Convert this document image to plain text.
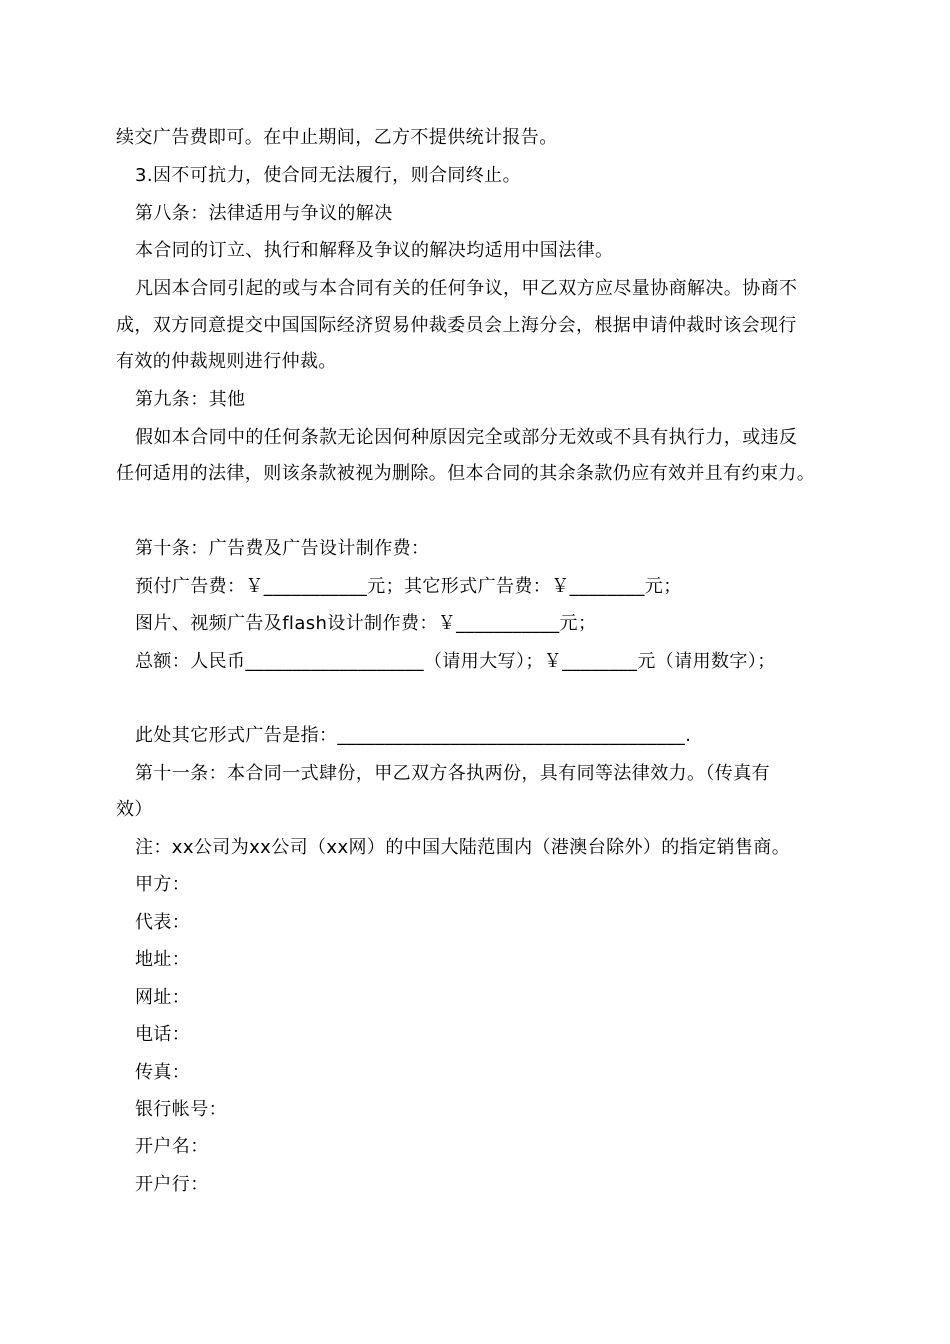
续交广告费即可。在中止期间，乙方不提供统计报告。
3.因不可抗力，使合同无法履行，则合同终止。
第八条：法律适用与争议的解决
本合同的订立、执行和解释及争议的解决均适用中国法律。
凡因本合同引起的或与本合同有关的任何争议，甲乙双方应尽量协商解决。协商不
成，双方同意提交中国国际经济贸易仲裁委员会上海分会，根据申请仲裁时该会现行
有效的仲裁规则进行仲裁。
第九条：其他
假如本合同中的任何条款无论因何种原因完全或部分无效或不具有执行力，或违反
任何适用的法律，则该条款被视为删除。但本合同的其余条款仍应有效并且有约束力。
第十条：广告费及广告设计制作费：
预付广告费：￥___________元；其它形式广告费：￥________元；
图片、视频广告及flash设计制作费：￥___________元；
总额：人民币___________________（请用大写）；￥________元（请用数字）；
此处其它形式广告是指：_____________________________________.
第十一条：本合同一式肆份，甲乙双方各执两份，具有同等法律效力。（传真有
效）
注：xx公司为xx公司（xx网）的中国大陆范围内（港澳台除外）的指定销售商。
甲方：
代表：
地址：
网址：
电话：
传真：
银行帐号：
开户名：
开户行：
